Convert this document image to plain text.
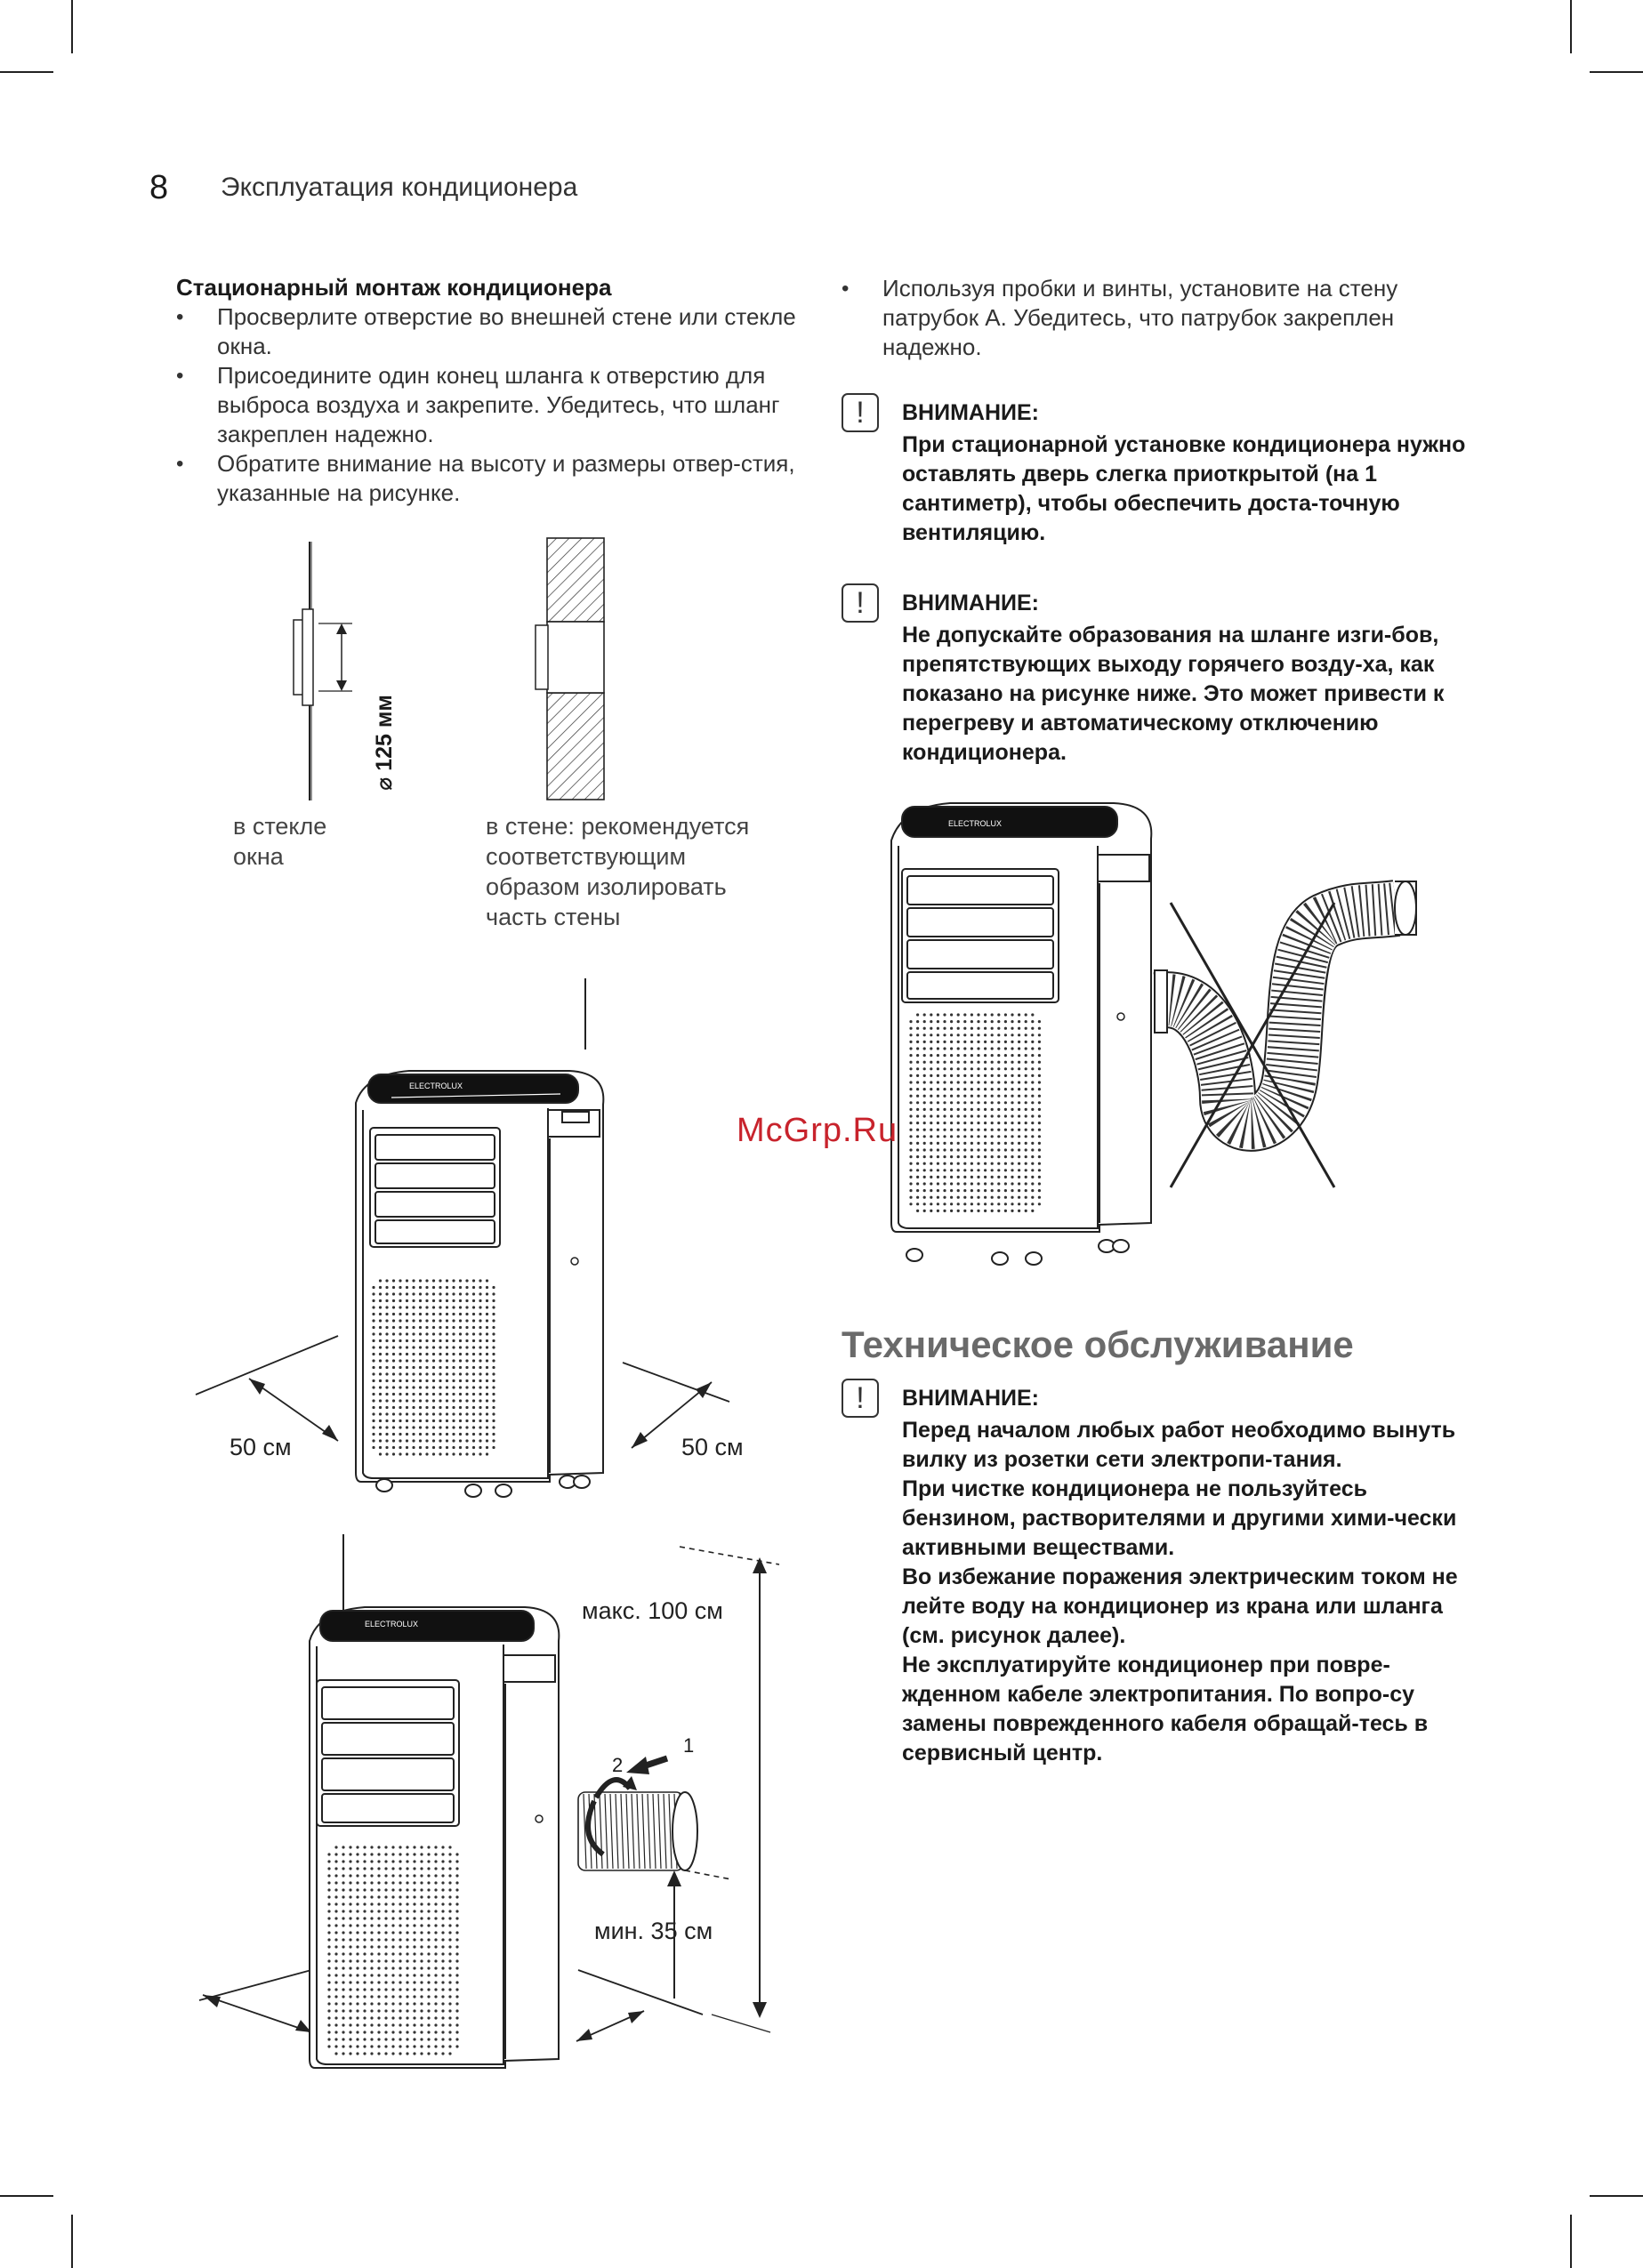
8 Эксплуатация кондиционера
Стационарный монтаж кондиционера
• Просверлите отверстие во внешней стене или стекле окна.
• Присоедините один конец шланга к отверстию для выброса воздуха и закрепите. Убедитесь, что шланг закреплен надежно.
• Обратите внимание на высоту и размеры отвер-стия, указанные на рисунке.
⌀ 125 мм
в стекле окна
в стене: рекомендуется соответствующим образом изолировать часть стены
ELECTROLUX
50 см	50 см
ELECTROLUX	макс. 100 см
мин. 35 см
1
2
• Используя пробки и винты, установите на стену патрубок А. Убедитесь, что патрубок закреплен надежно.
!	ВНИМАНИЕ:
При стационарной установке кондиционера нужно оставлять дверь слегка приоткрытой (на 1 сантиметр), чтобы обеспечить доста-точную вентиляцию.
!	ВНИМАНИЕ:
Не допускайте образования на шланге изги-бов, препятствующих выходу горячего возду-ха, как показано на рисунке ниже. Это может привести к перегреву и автоматическому отключению кондиционера.
ELECTROLUX
Техническое обслуживание
!	ВНИМАНИЕ:
Перед началом любых работ необходимо вынуть вилку из розетки сети электропи-тания.
При чистке кондиционера не пользуйтесь бензином, растворителями и другими хими-чески активными веществами.
Во избежание поражения электрическим током не лейте воду на кондиционер из крана или шланга (см. рисунок далее).
Не эксплуатируйте кондиционер при повре-жденном кабеле электропитания. По вопро-су замены поврежденного кабеля обращай-тесь в сервисный центр.
McGrp.Ru
